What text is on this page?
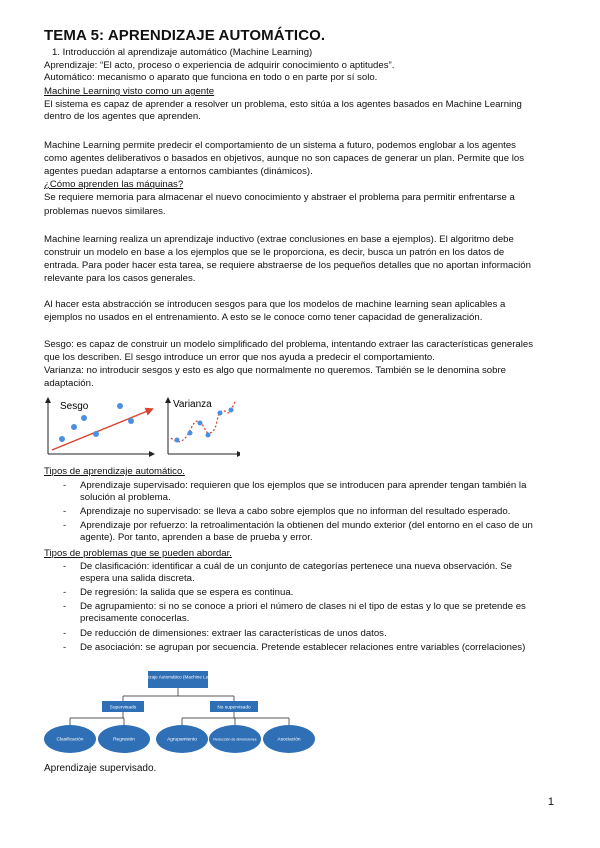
TEMA 5: APRENDIZAJE AUTOMÁTICO.
1. Introducción al aprendizaje automático (Machine Learning)
Aprendizaje: “El acto, proceso o experiencia de adquirir conocimiento o aptitudes”.
Automático: mecanismo o aparato que funciona en todo o en parte por sí solo.
Machine Learning visto como un agente
El sistema es capaz de aprender a resolver un problema, esto sitúa a los agentes basados en Machine Learning
dentro de los agentes que aprenden.
Machine Learning permite predecir el comportamiento de un sistema a futuro, podemos englobar a los agentes
como agentes deliberativos o basados en objetivos, aunque no son capaces de generar un plan. Permite que los
agentes puedan adaptarse a entornos cambiantes (dinámicos).
¿Cómo aprenden las máquinas?
Se requiere memoria para almacenar el nuevo conocimiento y abstraer el problema para permitir enfrentarse a
problemas nuevos similares.
Machine learning realiza un aprendizaje inductivo (extrae conclusiones en base a ejemplos). El algoritmo debe
construir un modelo en base a los ejemplos que se le proporciona, es decir, busca un patrón en los datos de
entrada. Para poder hacer esta tarea, se requiere abstraerse de los pequeños detalles que no aportan información
relevante para los casos generales.
Al hacer esta abstracción se introducen sesgos para que los modelos de machine learning sean aplicables a
ejemplos no usados en el entrenamiento. A esto se le conoce como tener capacidad de generalización.
Sesgo: es capaz de construir un modelo simplificado del problema, intentando extraer las características generales
que los describen. El sesgo introduce un error que nos ayuda a predecir el comportamiento.
Varianza: no introducir sesgos y esto es algo que normalmente no queremos. También se le denomina sobre
adaptación.
Sesgo	Varianza
Tipos de aprendizaje automático.
- Aprendizaje supervisado: requieren que los ejemplos que se introducen para aprender tengan también la
solución al problema.
- Aprendizaje no supervisado: se lleva a cabo sobre ejemplos que no informan del resultado esperado.
- Aprendizaje por refuerzo: la retroalimentación la obtienen del mundo exterior (del entorno en el caso de un
agente). Por tanto, aprenden a base de prueba y error.
Tipos de problemas que se pueden abordar.
- De clasificación: identificar a cuál de un conjunto de categorías pertenece una nueva observación. Se
espera una salida discreta.
- De regresión: la salida que se espera es continua.
- De agrupamiento: si no se conoce a priori el número de clases ni el tipo de estas y lo que se pretende es
precisamente conocerlas.
- De reducción de dimensiones: extraer las características de unos datos.
- De asociación: se agrupan por secuencia. Pretende establecer relaciones entre variables (correlaciones)
Aprendizaje Automático (Machine Learning)
Supervisado	No supervisado
Clasificación	Regresión	Agrupamiento	Reducción de dimensiones	Asociación
Aprendizaje supervisado.
1
